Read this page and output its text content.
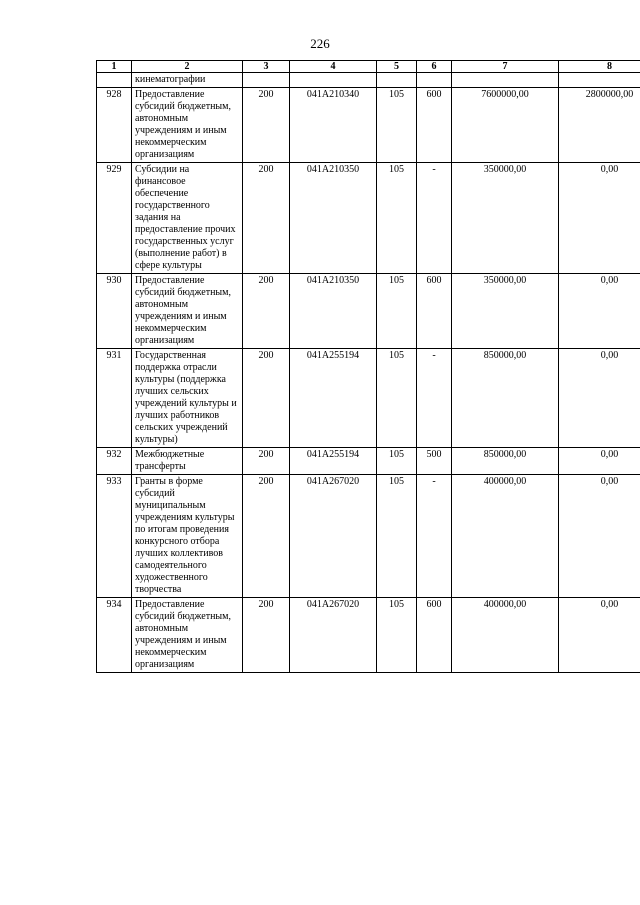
226
1	2	3	4	5	6	7	8
	кинематографии						
928	Предоставление субсидий бюджетным, автономным учреждениям и иным некоммерческим организациям	200	041A210340	105	600	7600000,00	2800000,00
929	Субсидии на финансовое обеспечение государственного задания на предоставление прочих государственных услуг (выполнение работ) в сфере культуры	200	041A210350	105	-	350000,00	0,00
930	Предоставление субсидий бюджетным, автономным учреждениям и иным некоммерческим организациям	200	041A210350	105	600	350000,00	0,00
931	Государственная поддержка отрасли культуры (поддержка лучших сельских учреждений культуры и лучших работников сельских учреждений культуры)	200	041A255194	105	-	850000,00	0,00
932	Межбюджетные трансферты	200	041A255194	105	500	850000,00	0,00
933	Гранты в форме субсидий муниципальным учреждениям культуры по итогам проведения конкурсного отбора лучших коллективов самодеятельного художественного творчества	200	041A267020	105	-	400000,00	0,00
934	Предоставление субсидий бюджетным, автономным учреждениям и иным некоммерческим организациям	200	041A267020	105	600	400000,00	0,00
